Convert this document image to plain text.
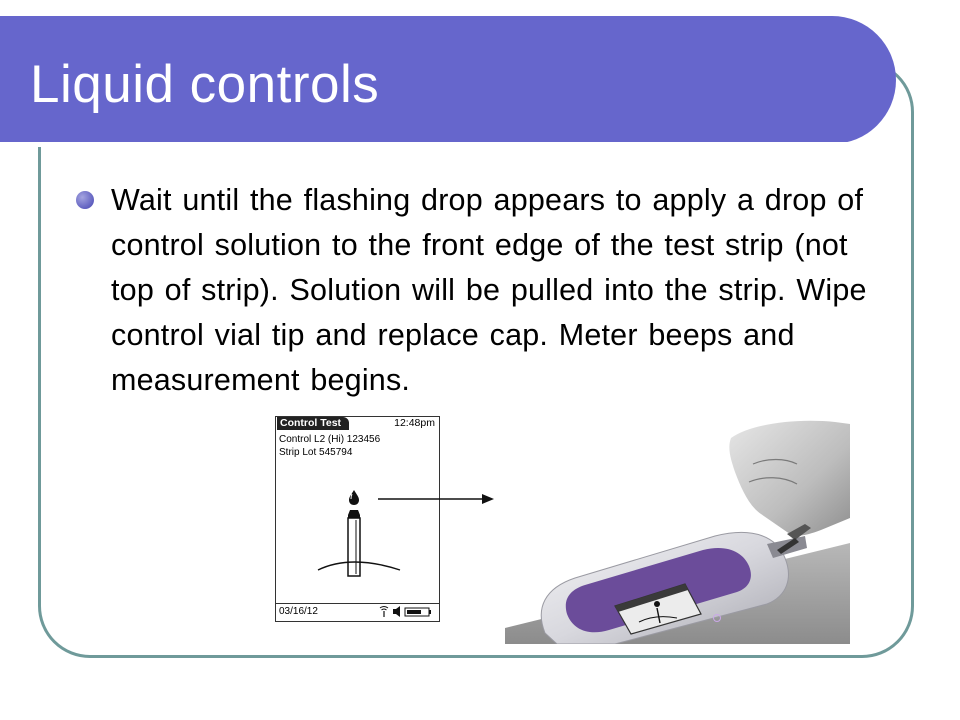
Liquid controls
Wait until the flashing drop appears to apply a drop of control solution to the front edge of the test strip (not top of strip). Solution will be pulled into the strip. Wipe control vial tip and replace cap. Meter beeps and measurement begins.
Control Test	12:48pm
Control L2 (Hi) 123456
Strip Lot 545794
03/16/12
